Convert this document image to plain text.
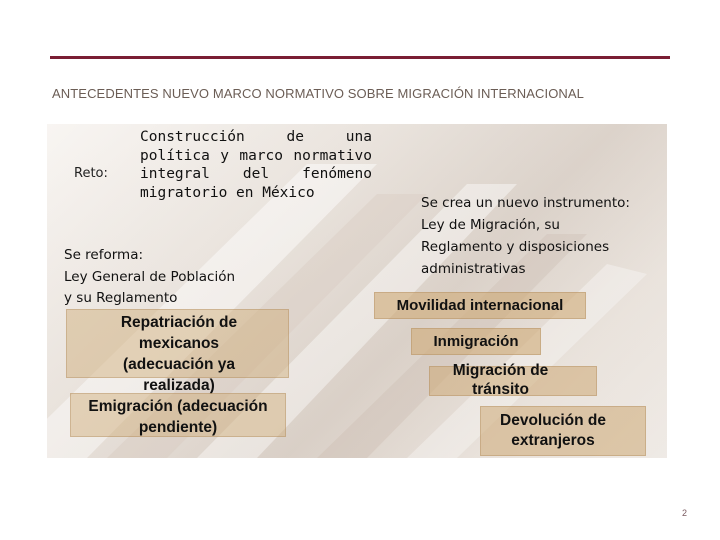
ANTECEDENTES NUEVO MARCO NORMATIVO SOBRE MIGRACIÓN INTERNACIONAL
Reto:
Construcción de una política y marco normativo integral del fenómeno migratorio en México
Se reforma:
Ley General de Población
y su Reglamento
Repatriación de mexicanos (adecuación ya realizada)
Emigración (adecuación pendiente)
Se crea un nuevo instrumento:
Ley de Migración, su
Reglamento y disposiciones
administrativas
Movilidad internacional
Inmigración
Migración de tránsito
Devolución de extranjeros
2
